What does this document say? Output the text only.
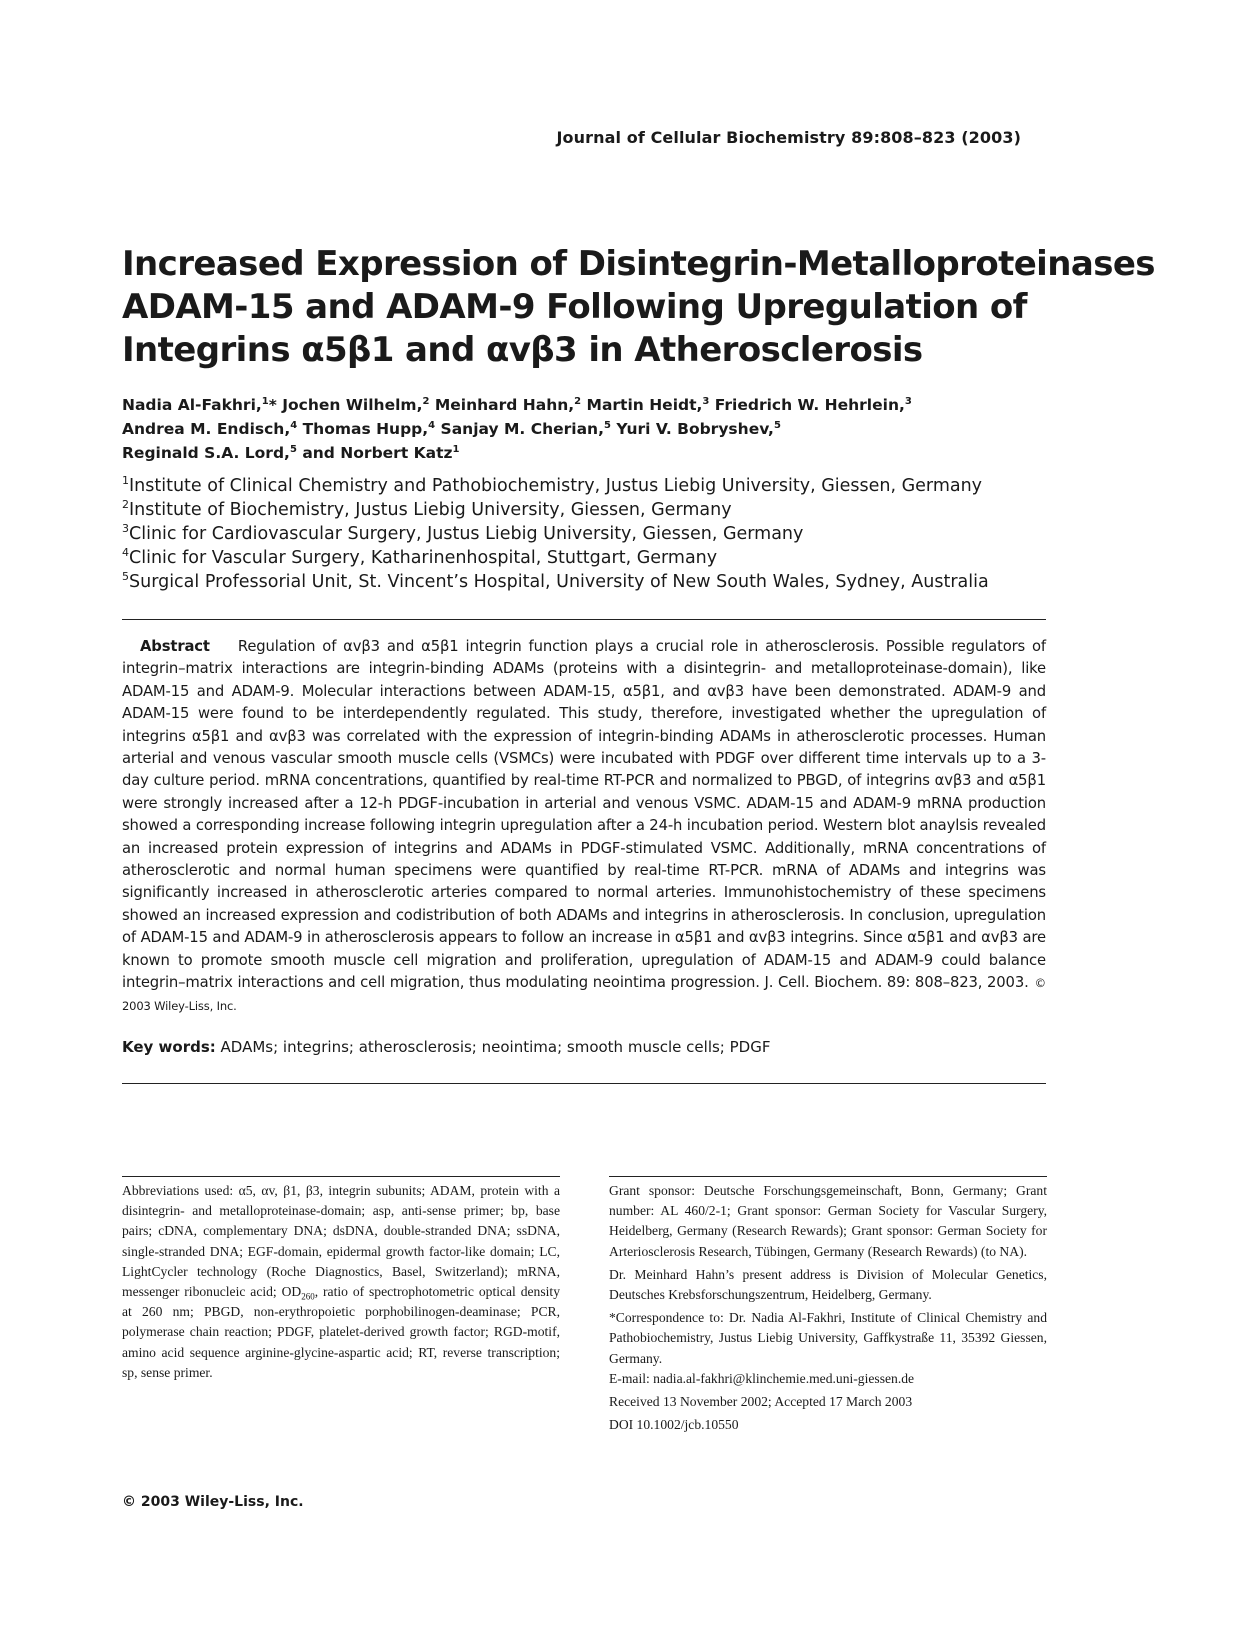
Journal of Cellular Biochemistry 89:808–823 (2003)
Increased Expression of Disintegrin-Metalloproteinases
ADAM-15 and ADAM-9 Following Upregulation of
Integrins α5β1 and αvβ3 in Atherosclerosis
Nadia Al-Fakhri,$^1$* Jochen Wilhelm,$^2$ Meinhard Hahn,$^2$ Martin Heidt,$^3$ Friedrich W. Hehrlein,$^3$
Andrea M. Endisch,$^4$ Thomas Hupp,$^4$ Sanjay M. Cherian,$^5$ Yuri V. Bobryshev,$^5$
Reginald S.A. Lord,$^5$ and Norbert Katz$^1$
$^1$Institute of Clinical Chemistry and Pathobiochemistry, Justus Liebig University, Giessen, Germany
$^2$Institute of Biochemistry, Justus Liebig University, Giessen, Germany
$^3$Clinic for Cardiovascular Surgery, Justus Liebig University, Giessen, Germany
$^4$Clinic for Vascular Surgery, Katharinenhospital, Stuttgart, Germany
$^5$Surgical Professorial Unit, St. Vincent’s Hospital, University of New South Wales, Sydney, Australia
Abstract Regulation of αvβ3 and α5β1 integrin function plays a crucial role in atherosclerosis. Possible regulators of integrin–matrix interactions are integrin-binding ADAMs (proteins with a disintegrin- and metalloproteinase-domain), like ADAM-15 and ADAM-9. Molecular interactions between ADAM-15, α5β1, and αvβ3 have been demonstrated. ADAM-9 and ADAM-15 were found to be interdependently regulated. This study, therefore, investigated whether the upregulation of integrins α5β1 and αvβ3 was correlated with the expression of integrin-binding ADAMs in atherosclerotic processes. Human arterial and venous vascular smooth muscle cells (VSMCs) were incubated with PDGF over different time intervals up to a 3-day culture period. mRNA concentrations, quantified by real-time RT-PCR and normalized to PBGD, of integrins αvβ3 and α5β1 were strongly increased after a 12-h PDGF-incubation in arterial and venous VSMC. ADAM-15 and ADAM-9 mRNA production showed a corresponding increase following integrin upregulation after a 24-h incubation period. Western blot anaylsis revealed an increased protein expression of integrins and ADAMs in PDGF-stimulated VSMC. Additionally, mRNA concentrations of atherosclerotic and normal human specimens were quantified by real-time RT-PCR. mRNA of ADAMs and integrins was significantly increased in atherosclerotic arteries compared to normal arteries. Immunohistochemistry of these specimens showed an increased expression and codistribution of both ADAMs and integrins in atherosclerosis. In conclusion, upregulation of ADAM-15 and ADAM-9 in atherosclerosis appears to follow an increase in α5β1 and αvβ3 integrins. Since α5β1 and αvβ3 are known to promote smooth muscle cell migration and proliferation, upregulation of ADAM-15 and ADAM-9 could balance integrin–matrix interactions and cell migration, thus modulating neointima progression. J. Cell. Biochem. 89: 808–823, 2003. © 2003 Wiley-Liss, Inc.
Key words: ADAMs; integrins; atherosclerosis; neointima; smooth muscle cells; PDGF
Abbreviations used: α5, αv, β1, β3, integrin subunits; ADAM, protein with a disintegrin- and metalloproteinase-domain; asp, anti-sense primer; bp, base pairs; cDNA, complementary DNA; dsDNA, double-stranded DNA; ssDNA, single-stranded DNA; EGF-domain, epidermal growth factor-like domain; LC, LightCycler technology (Roche Diagnostics, Basel, Switzerland); mRNA, messenger ribonucleic acid; $OD_{260}$, ratio of spectrophotometric optical density at 260 nm; PBGD, non-erythropoietic porphobilinogen-deaminase; PCR, polymerase chain reaction; PDGF, platelet-derived growth factor; RGD-motif, amino acid sequence arginine-glycine-aspartic acid; RT, reverse transcription; sp, sense primer.

Grant sponsor: Deutsche Forschungsgemeinschaft, Bonn, Germany; Grant number: AL 460/2-1; Grant sponsor: German Society for Vascular Surgery, Heidelberg, Germany (Research Rewards); Grant sponsor: German Society for Arteriosclerosis Research, Tübingen, Germany (Research Rewards) (to NA).

Dr. Meinhard Hahn’s present address is Division of Molecular Genetics, Deutsches Krebsforschungszentrum, Heidelberg, Germany.

*Correspondence to: Dr. Nadia Al-Fakhri, Institute of Clinical Chemistry and Pathobiochemistry, Justus Liebig University, Gaffkystraße 11, 35392 Giessen, Germany.
E-mail: nadia.al-fakhri@klinchemie.med.uni-giessen.de

Received 13 November 2002; Accepted 17 March 2003

DOI 10.1002/jcb.10550

© 2003 Wiley-Liss, Inc.
